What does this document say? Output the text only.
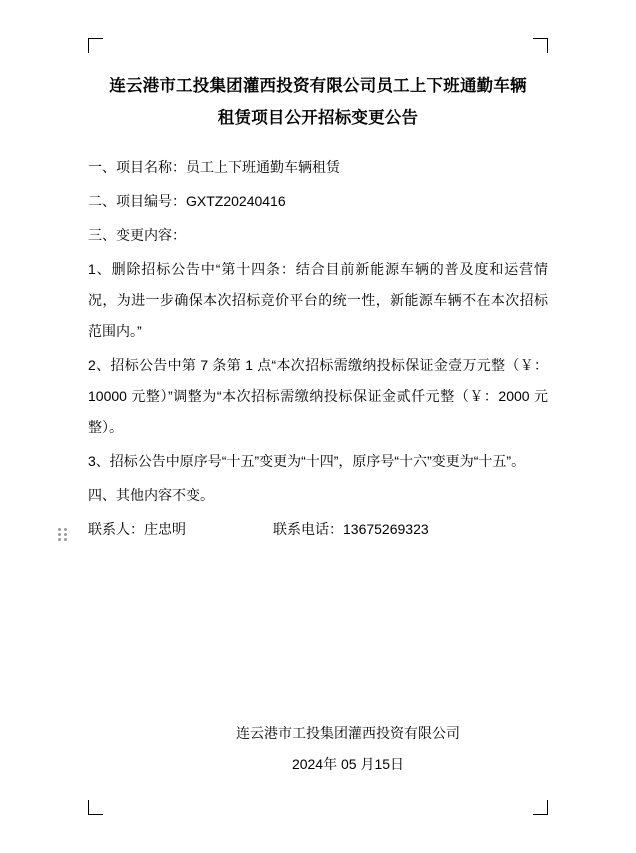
连云港市工投集团灌西投资有限公司员工上下班通勤车辆
租赁项目公开招标变更公告

一、项目名称：员工上下班通勤车辆租赁

二、项目编号：GXTZ20240416

三、变更内容：

1、删除招标公告中“第十四条：结合目前新能源车辆的普及度和运营情况，为进一步确保本次招标竞价平台的统一性，新能源车辆不在本次招标范围内。”

2、招标公告中第 7 条第 1 点“本次招标需缴纳投标保证金壹万元整（￥：10000 元整）”调整为“本次招标需缴纳投标保证金贰仟元整（￥：2000 元整）。

3、招标公告中原序号“十五”变更为“十四”，原序号“十六”变更为“十五”。

四、其他内容不变。

联系人：庄忠明	联系电话：13675269323
连云港市工投集团灌西投资有限公司
2024年 05 月15日
